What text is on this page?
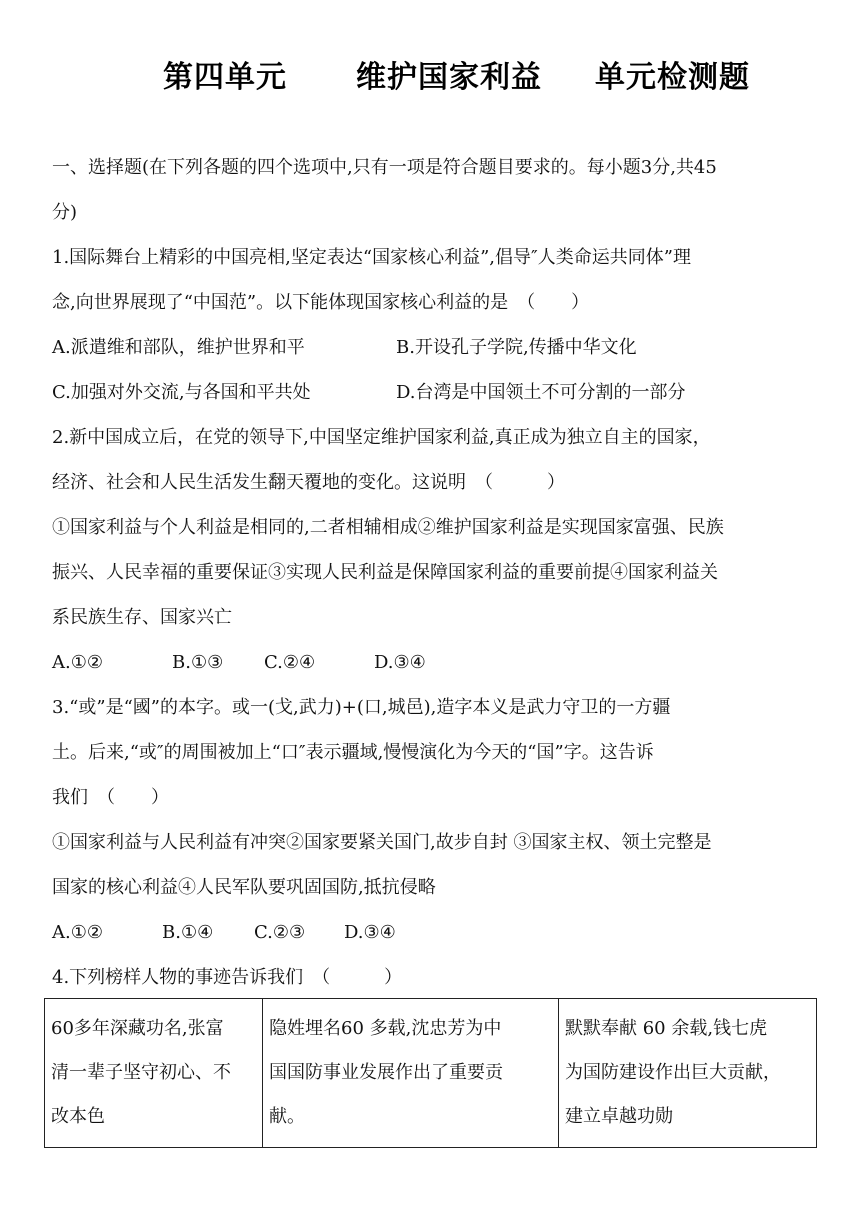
第四单元 维护国家利益 单元检测题
一、选择题(在下列各题的四个选项中,只有一项是符合题目要求的。每小题3分,共45
分)
1.国际舞台上精彩的中国亮相,坚定表达“国家核心利益”,倡导″人类命运共同体”理
念,向世界展现了“中国范”。以下能体现国家核心利益的是　（　　）
A.派遣维和部队，维护世界和平	B.开设孔子学院,传播中华文化
C.加强对外交流,与各国和平共处	D.台湾是中国领土不可分割的一部分
2.新中国成立后，在党的领导下,中国坚定维护国家利益,真正成为独立自主的国家，
经济、社会和人民生活发生翻天覆地的变化。这说明　（　　　）
①国家利益与个人利益是相同的,二者相辅相成②维护国家利益是实现国家富强、民族
振兴、人民幸福的重要保证③实现人民利益是保障国家利益的重要前提④国家利益关
系民族生存、国家兴亡
A.①②	B.①③ C.②④	D.③④
3.“或”是“國”的本字。或一(戈,武力)+(口,城邑),造字本义是武力守卫的一方疆
土。后来,“或″的周围被加上“口″表示疆域,慢慢演化为今天的“国”字。这告诉
我们　（　　）
①国家利益与人民利益有冲突②国家要紧关国门,故步自封 ③国家主权、领土完整是
国家的核心利益④人民军队要巩固国防,抵抗侵略
A.①②	B.①④ C.②③ D.③④
4.下列榜样人物的事迹告诉我们　（　　　）
60多年深藏功名,张富
清一辈子坚守初心、不
改本色

隐姓埋名60 多载,沈忠芳为中
国国防事业发展作出了重要贡
献。

默默奉献 60 余载,钱七虎
为国防建设作出巨大贡献，
建立卓越功勋
